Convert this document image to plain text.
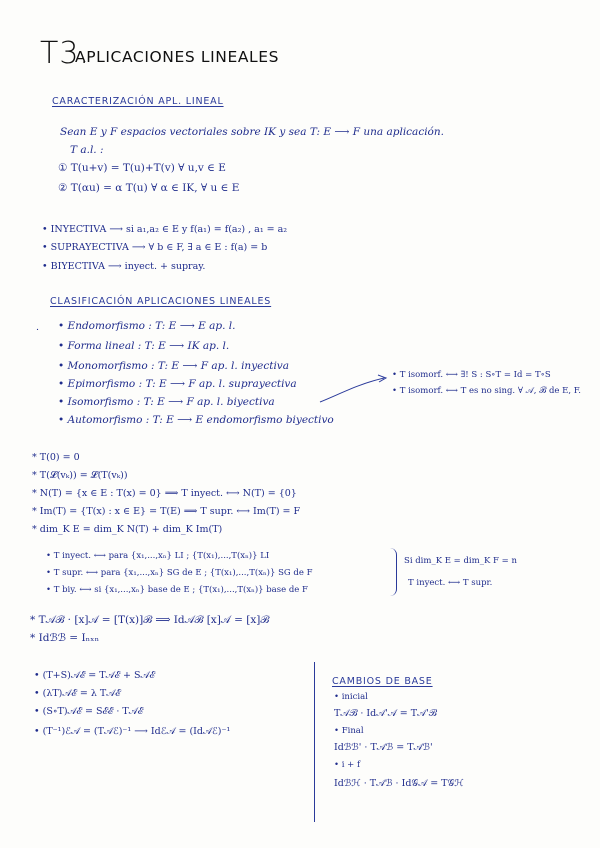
T3.
APLICACIONES LINEALES
CARACTERIZACIÓN APL. LINEAL
Sean E y F espacios vectoriales sobre IK y sea T: E ⟶ F una aplicación.
T a.l. :
① T(u+v) = T(u)+T(v) ∀ u,v ∈ E
② T(αu) = α T(u) ∀ α ∈ IK, ∀ u ∈ E
• INYECTIVA ⟶ si a₁,a₂ ∈ E y f(a₁) = f(a₂) , a₁ = a₂
• SUPRAYECTIVA ⟶ ∀ b ∈ F, ∃ a ∈ E : f(a) = b
• BIYECTIVA ⟶ inyect. + supray.
CLASIFICACIÓN APLICACIONES LINEALES
. • Endomorfismo : T: E ⟶ E ap. l.
• Forma lineal : T: E ⟶ IK ap. l.
• Monomorfismo : T: E ⟶ F ap. l. inyectiva
• Epimorfismo : T: E ⟶ F ap. l. suprayectiva
• Isomorfismo : T: E ⟶ F ap. l. biyectiva
• Automorfismo : T: E ⟶ E endomorfismo biyectivo
• T isomorf. ⟷ ∃! S : S∘T = Id = T∘S
• T isomorf. ⟷ T es no sing. ∀ 𝒜, ℬ de E, F.
* T(0) = 0
* T(𝓛(vₖ)) = 𝓛(T(vₖ))
* N(T) = {x ∈ E : T(x) = 0} ⟹ T inyect. ⟷ N(T) = {0}
* Im(T) = {T(x) : x ∈ E} = T(E) ⟹ T supr. ⟷ Im(T) = F
* dim_K E = dim_K N(T) + dim_K Im(T)
• T inyect. ⟷ para {x₁,...,xₙ} LI ; {T(x₁),...,T(xₙ)} LI
• T supr. ⟷ para {x₁,...,xₙ} SG de E ; {T(x₁),...,T(xₙ)} SG de F
• T biy. ⟷ si {x₁,...,xₙ} base de E ; {T(x₁),...,T(xₙ)} base de F
Si dim_K E = dim_K F = n
T inyect. ⟷ T supr.
* T𝒜ℬ · [x]𝒜 = [T(x)]ℬ ⟹ Id𝒜ℬ [x]𝒜 = [x]ℬ
* Idℬℬ = Iₙₓₙ
• (T+S)𝒜ℰ = T𝒜ℰ + S𝒜ℰ
• (λT)𝒜ℰ = λ T𝒜ℰ
• (S∘T)𝒜ℰ = Sℰℰ · T𝒜ℰ
• (T⁻¹)ℰ𝒜 = (T𝒜ℰ)⁻¹ ⟶ Idℰ𝒜 = (Id𝒜ℰ)⁻¹
CAMBIOS DE BASE
• inicial
T𝒜ℬ · Id𝒜'𝒜 = T𝒜'ℬ
• Final
Idℬℬ' · T𝒜ℬ = T𝒜ℬ'
• i + f
Idℬℋ · T𝒜ℬ · Id𝒢𝒜 = T𝒢ℋ
